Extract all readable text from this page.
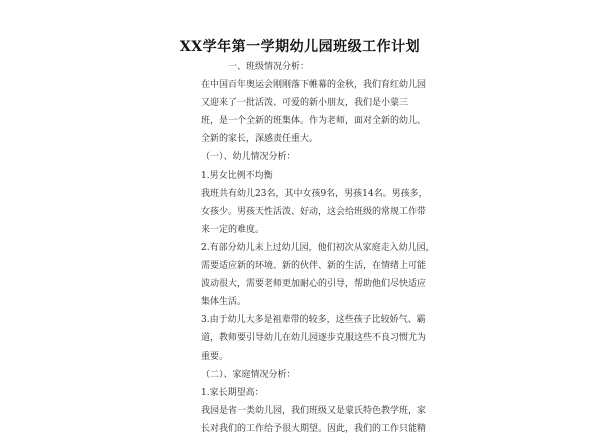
XX学年第一学期幼儿园班级工作计划
一、班级情况分析：
在中国百年奥运会刚刚落下帷幕的金秋，我们育红幼儿园
又迎来了一批活泼、可爱的新小朋友，我们是小蒙三
班，是一个全新的班集体。作为老师，面对全新的幼儿、
全新的家长，深感责任重大。
（一）、幼儿情况分析：
1.男女比例不均衡
我班共有幼儿23名，其中女孩9名，男孩14名。男孩多，
女孩少。男孩天性活泼、好动，这会给班级的常规工作带
来一定的难度。
2.有部分幼儿未上过幼儿园，他们初次从家庭走入幼儿园，
需要适应新的环境、新的伙伴、新的生活，在情绪上可能
波动很大，需要老师更加耐心的引导，帮助他们尽快适应
集体生活。
3.由于幼儿大多是祖辈带的较多，这些孩子比较娇气、霸
道，教师要引导幼儿在幼儿园逐步克服这些不良习惯尤为
重要。
（二）、家庭情况分析：
1.家长期望高：
我园是省一类幼儿园，我们班级又是蒙氏特色教学班，家
长对我们的工作给予很大期望。因此，我们的工作只能精
